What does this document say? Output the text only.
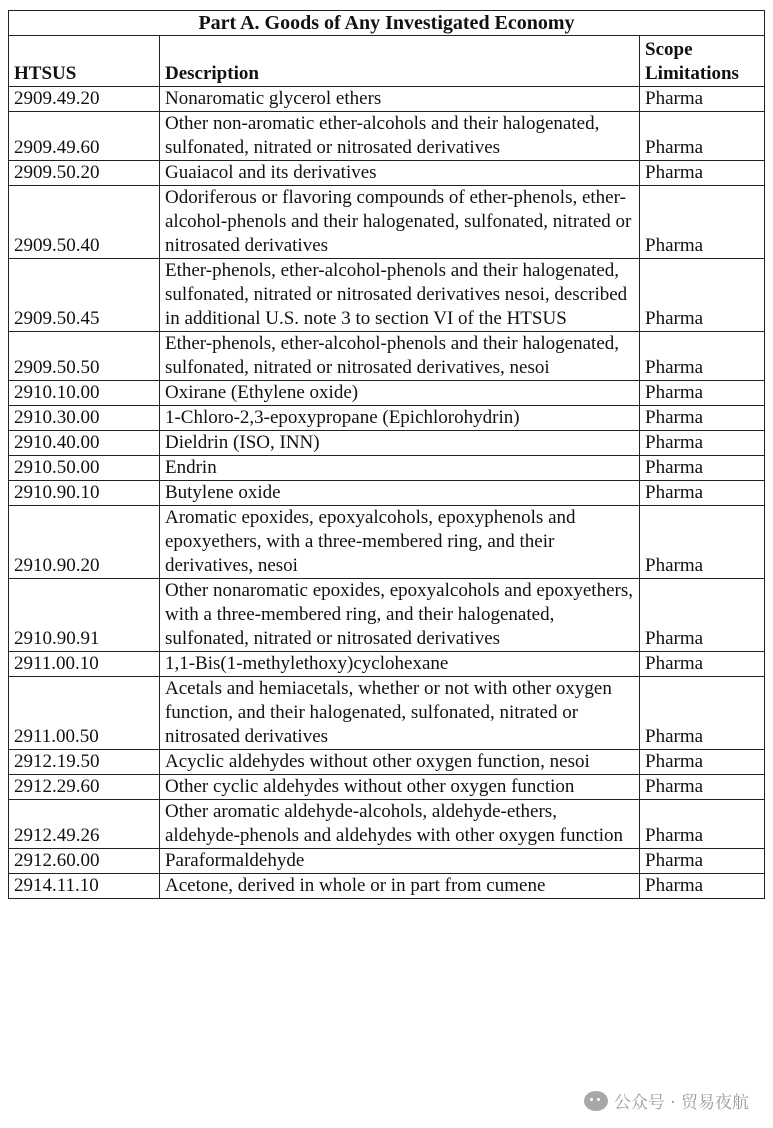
Part A. Goods of Any Investigated Economy		
HTSUS	Description	Scope Limitations
2909.49.20	Nonaromatic glycerol ethers	Pharma
2909.49.60	Other non-aromatic ether-alcohols and their halogenated, sulfonated, nitrated or nitrosated derivatives	Pharma
2909.50.20	Guaiacol and its derivatives	Pharma
2909.50.40	Odoriferous or flavoring compounds of ether-phenols, ether-alcohol-phenols and their halogenated, sulfonated, nitrated or nitrosated derivatives	Pharma
2909.50.45	Ether-phenols, ether-alcohol-phenols and their halogenated, sulfonated, nitrated or nitrosated derivatives nesoi, described in additional U.S. note 3 to section VI of the HTSUS	Pharma
2909.50.50	Ether-phenols, ether-alcohol-phenols and their halogenated, sulfonated, nitrated or nitrosated derivatives, nesoi	Pharma
2910.10.00	Oxirane (Ethylene oxide)	Pharma
2910.30.00	1-Chloro-2,3-epoxypropane (Epichlorohydrin)	Pharma
2910.40.00	Dieldrin (ISO, INN)	Pharma
2910.50.00	Endrin	Pharma
2910.90.10	Butylene oxide	Pharma
2910.90.20	Aromatic epoxides, epoxyalcohols, epoxyphenols and epoxyethers, with a three-membered ring, and their derivatives, nesoi	Pharma
2910.90.91	Other nonaromatic epoxides, epoxyalcohols and epoxyethers, with a three-membered ring, and their halogenated, sulfonated, nitrated or nitrosated derivatives	Pharma
2911.00.10	1,1-Bis(1-methylethoxy)cyclohexane	Pharma
2911.00.50	Acetals and hemiacetals, whether or not with other oxygen function, and their halogenated, sulfonated, nitrated or nitrosated derivatives	Pharma
2912.19.50	Acyclic aldehydes without other oxygen function, nesoi	Pharma
2912.29.60	Other cyclic aldehydes without other oxygen function	Pharma
2912.49.26	Other aromatic aldehyde-alcohols, aldehyde-ethers, aldehyde-phenols and aldehydes with other oxygen function	Pharma
2912.60.00	Paraformaldehyde	Pharma
2914.11.10	Acetone, derived in whole or in part from cumene	Pharma
公众号 · 贸易夜航
